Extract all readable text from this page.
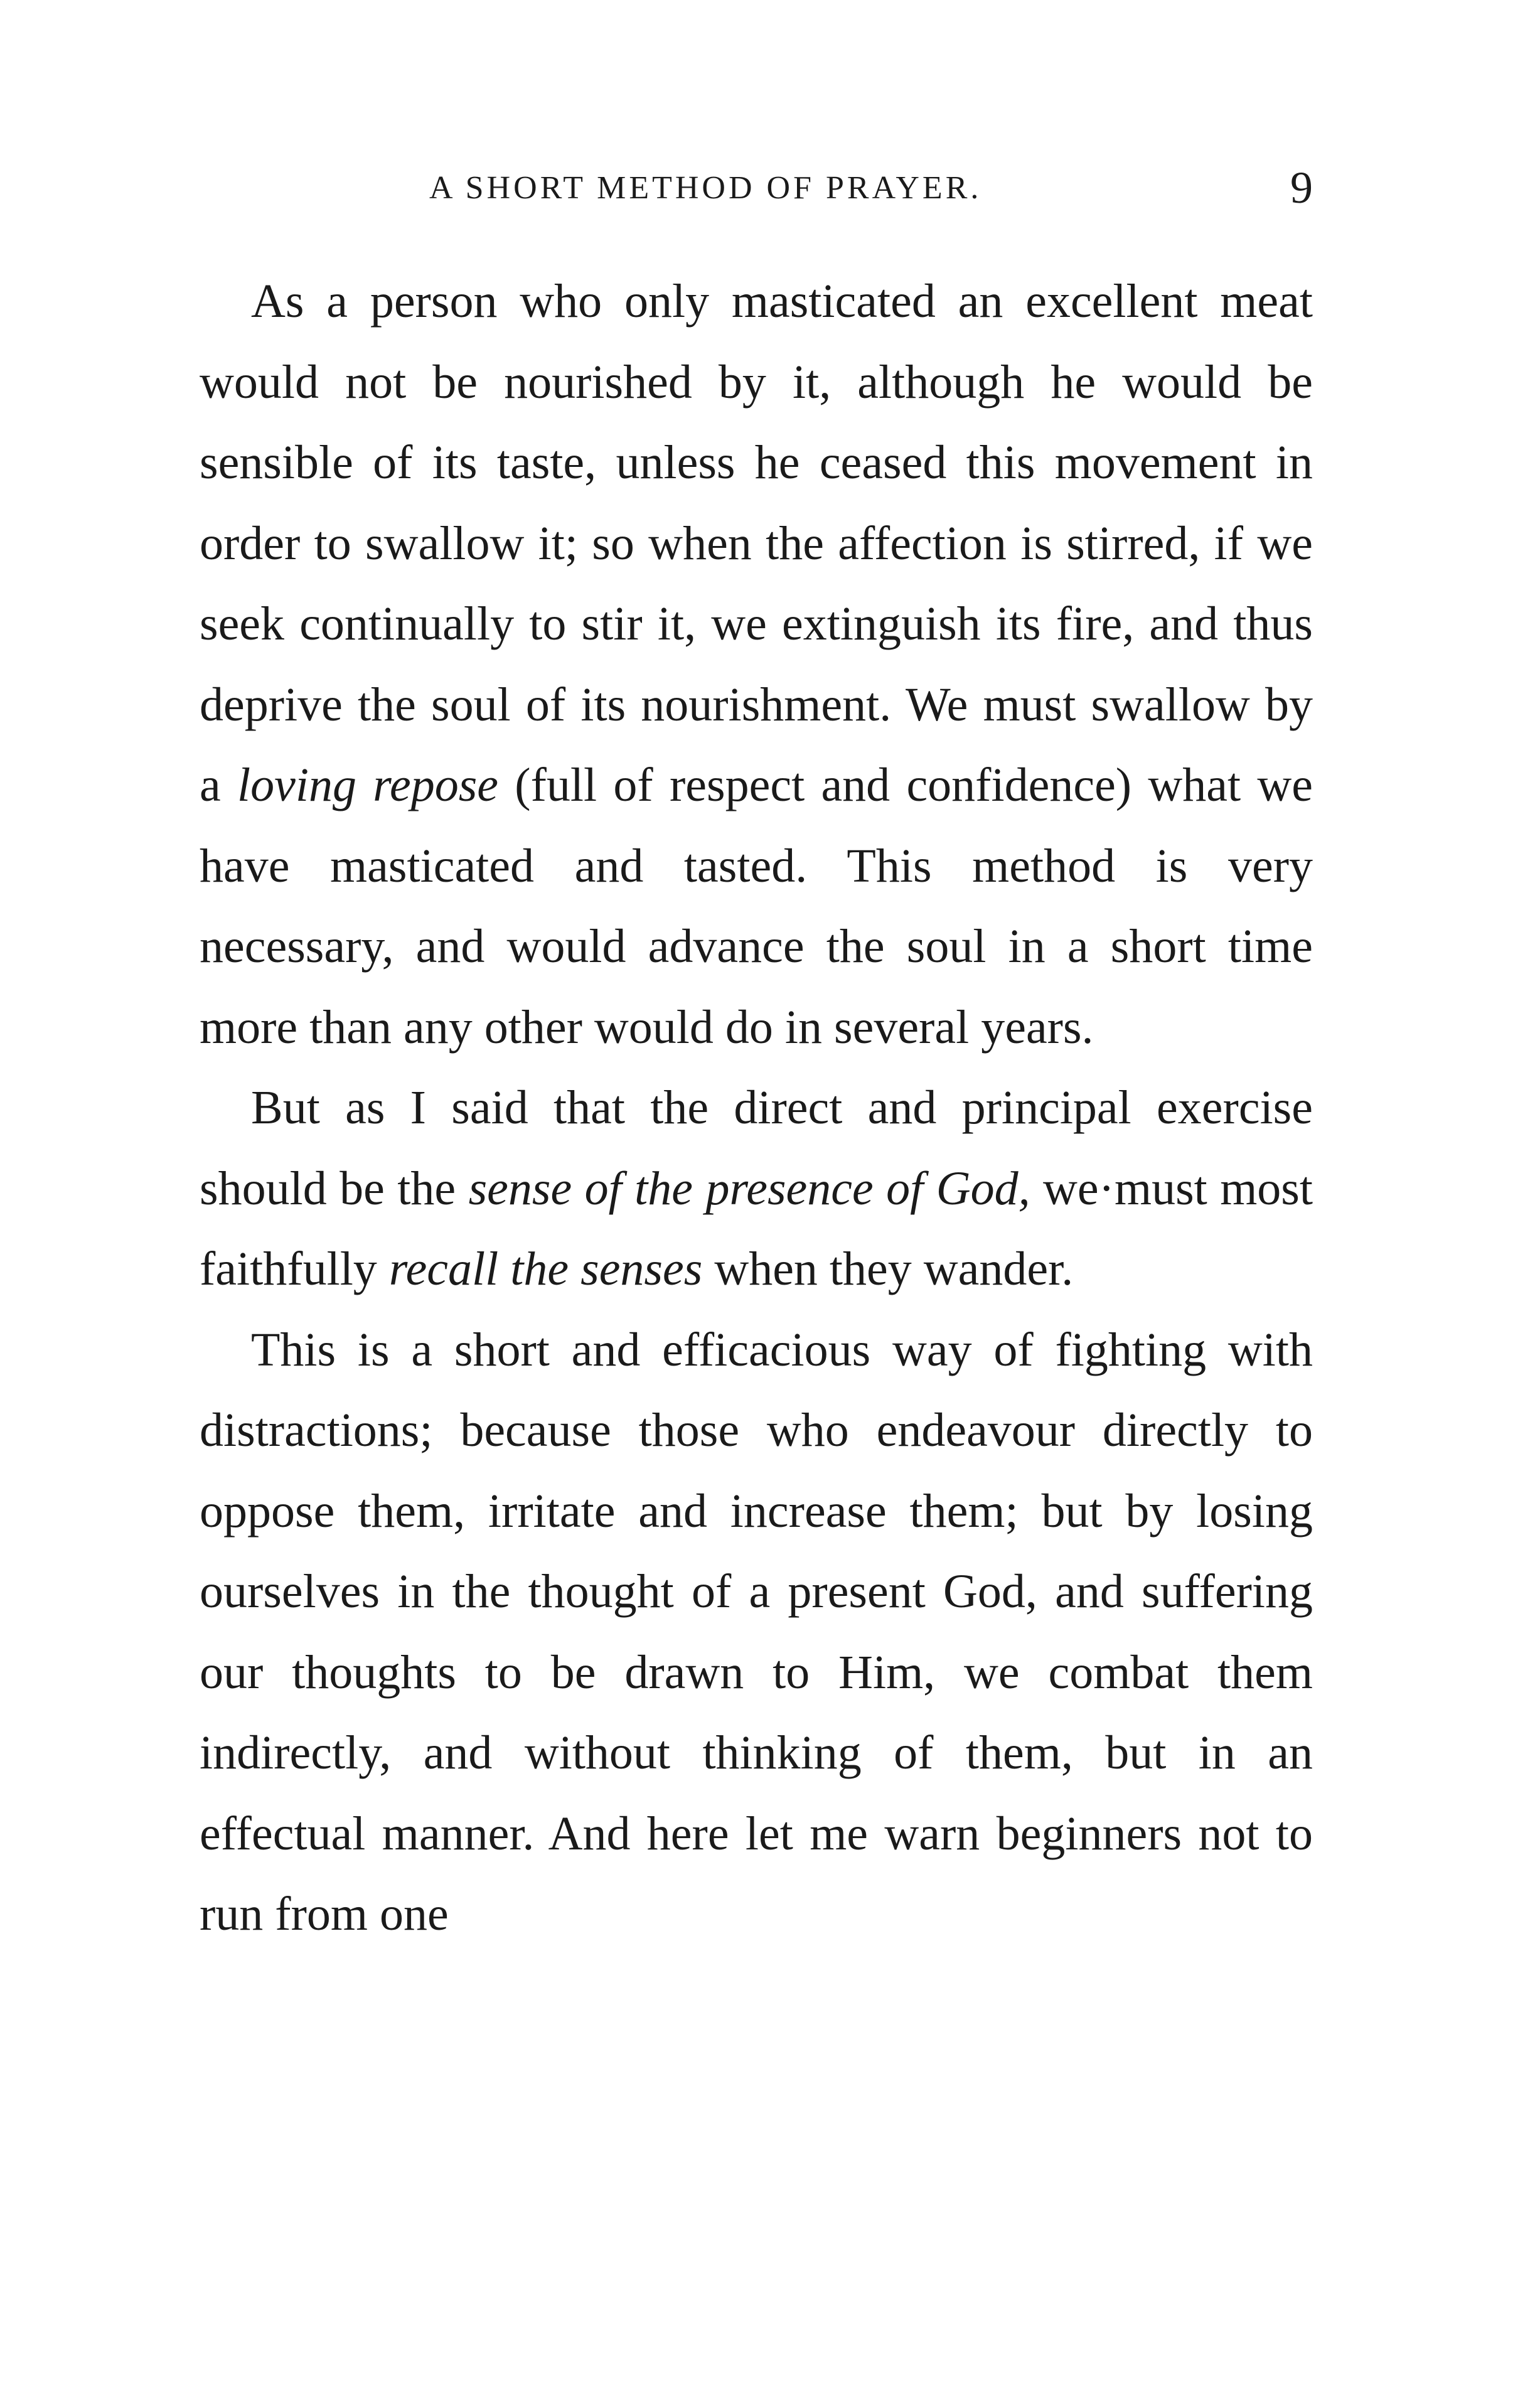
A SHORT METHOD OF PRAYER.	9

As a person who only masticated an excellent meat would not be nourished by it, although he would be sensible of its taste, unless he ceased this movement in order to swallow it; so when the affection is stirred, if we seek continually to stir it, we extinguish its fire, and thus deprive the soul of its nourishment. We must swallow by a loving repose (full of respect and confidence) what we have masticated and tasted. This method is very necessary, and would advance the soul in a short time more than any other would do in several years.

But as I said that the direct and principal exercise should be the sense of the presence of God, we·must most faithfully recall the senses when they wander.

This is a short and efficacious way of fighting with distractions; because those who endeavour directly to oppose them, irritate and increase them; but by losing ourselves in the thought of a present God, and suffering our thoughts to be drawn to Him, we combat them indirectly, and without thinking of them, but in an effectual manner. And here let me warn beginners not to run from one
